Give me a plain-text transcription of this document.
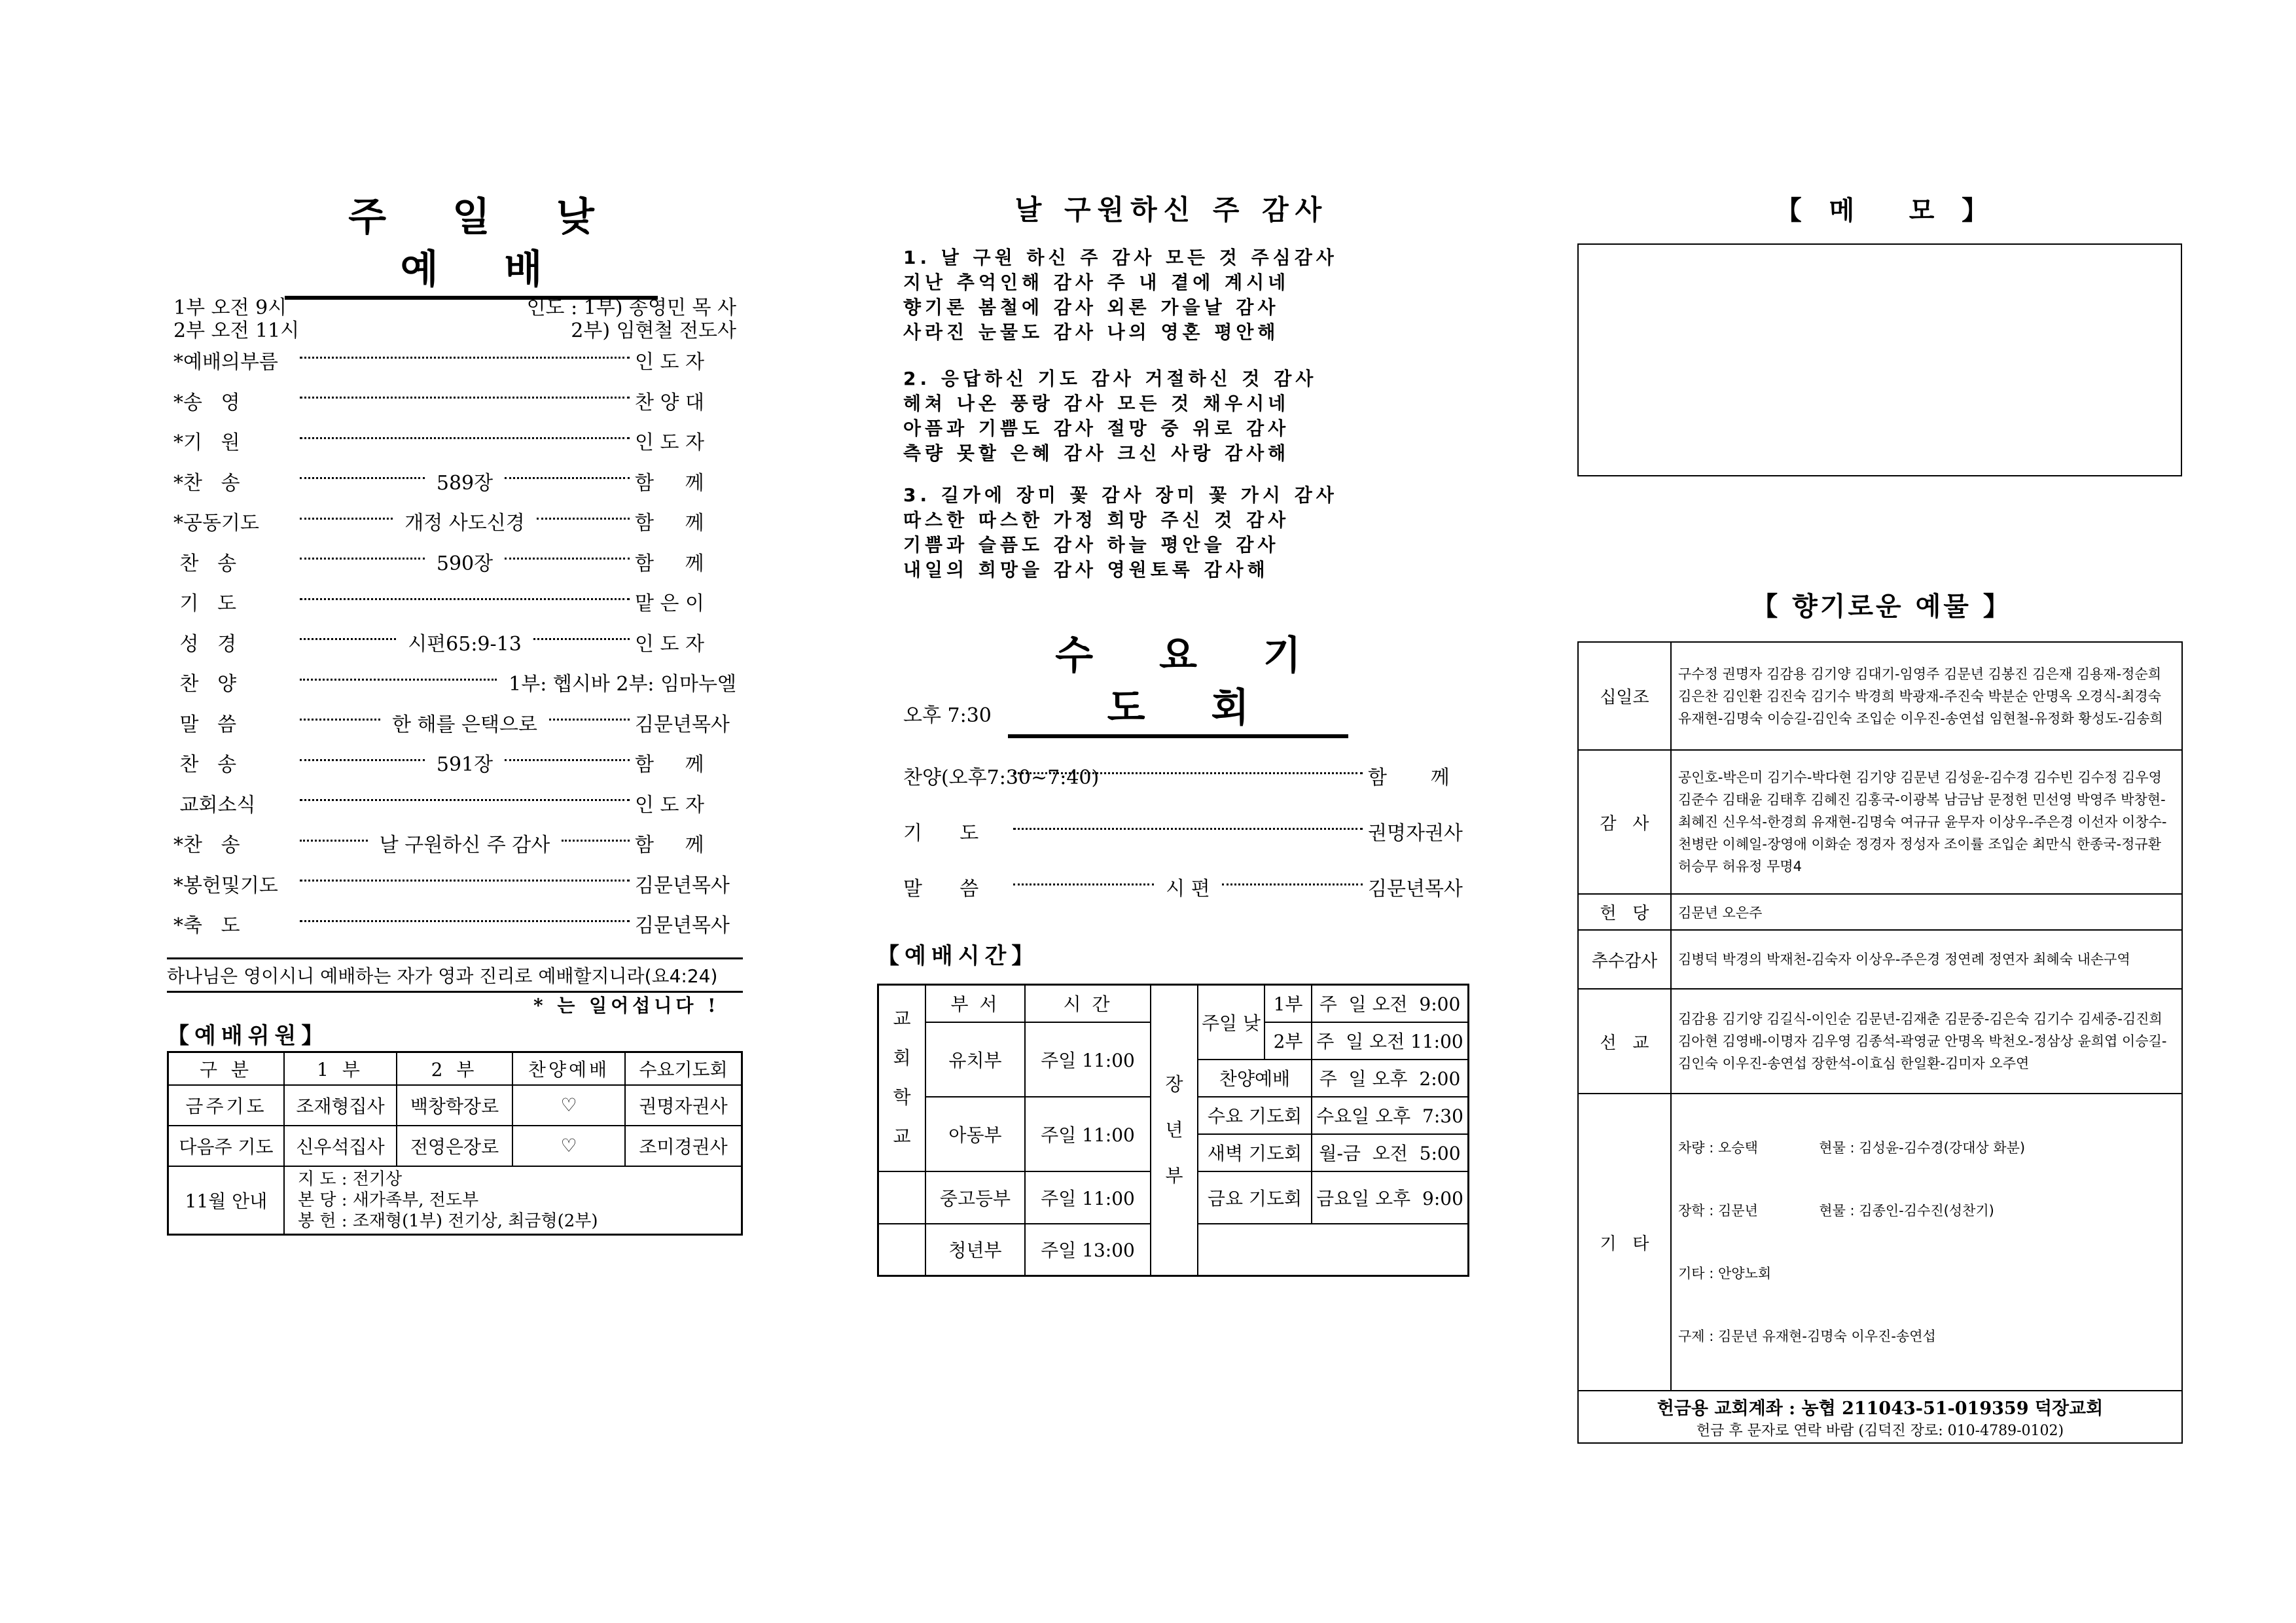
주 일 낮 예 배
1부 오전 9시
2부 오전 11시
인도 : 1부) 송영민 목 사
2부) 임현철 전도사
*예배의부름	인 도 자
*송   영	찬 양 대
*기   원	인 도 자
*찬   송	589장	함     께
*공동기도	개정 사도신경	함     께
찬   송	590장	함     께
기   도	맡 은 이
성   경	시편65:9-13	인 도 자
찬   양	1부: 헵시바 2부: 임마누엘
말   씀	한 해를 은택으로	김문년목사
찬   송	591장	함     께
교회소식	인 도 자
*찬   송	날 구원하신 주 감사	함     께
*봉헌및기도	김문년목사
*축   도	김문년목사
하나님은 영이시니 예배하는 자가 영과 진리로 예배할지니라(요4:24)
* 는 일어섭니다 !
【예배위원】
구 분	1 부	2 부	찬양예배	수요기도회
금주기도	조재형집사	백창학장로	♡	권명자권사
다음주 기도	신우석집사	전영은장로	♡	조미경권사
11월 안내	지 도 : 전기상
본 당 : 새가족부, 전도부
봉 헌 : 조재형(1부) 전기상, 최금형(2부)			
날 구원하신 주 감사
1. 날 구원 하신 주 감사 모든 것 주심감사
지난 추억인해 감사 주 내 곁에 계시네
향기론 봄철에 감사 외론 가을날 감사
사라진 눈물도 감사 나의 영혼 평안해
2. 응답하신 기도 감사 거절하신 것 감사
헤쳐 나온 풍랑 감사 모든 것 채우시네
아픔과 기쁨도 감사 절망 중 위로 감사
측량 못할 은혜 감사 크신 사랑 감사해
3. 길가에 장미 꽃 감사 장미 꽃 가시 감사
따스한 따스한 가정 희망 주신 것 감사
기쁨과 슬픔도 감사 하늘 평안을 감사
내일의 희망을 감사 영원토록 감사해
수 요 기 도 회
오후 7:30
찬양(오후7:30~7:40)	함       께
기      도	권명자권사
말      씀	시 편	김문년목사
【예배시간】
교회학교	부 서	시 간	장년부	주일 낮	1부	주  일 오전  9:00
	유치부	주일 11:00			2부	주  일 오전 11:00
				찬양예배		주  일 오후  2:00
	아동부	주일 11:00		수요 기도회		수요일 오후  7:30
				새벽 기도회		월-금  오전  5:00
	중고등부	주일 11:00		금요 기도회		금요일 오후  9:00
	청년부	주일 13:00				
【   메      모   】
【 향기로운 예물 】
십일조	구수정 권명자 김감용 김기양 김대기-임영주 김문년 김봉진 김은재 김용재-정순희 김은찬 김인환 김진숙 김기수 박경희 박광재-주진숙 박분순 안명옥 오경식-최경숙 유재현-김명숙 이승길-김인숙 조입순 이우진-송연섭 임현철-유정화 황성도-김송희
감   사	공인호-박은미 김기수-박다현 김기양 김문년 김성윤-김수경 김수빈 김수정 김우영 김준수 김태윤 김태후 김혜진 김홍국-이광복 남금남 문정헌 민선영 박영주 박창현-최혜진 신우석-한경희 유재현-김명숙 여규규 윤무자 이상우-주은경 이선자 이창수-천병란 이혜일-장영애 이화순 정경자 정성자 조이률 조입순 최만식 한종국-정규환 허승무 허유정 무명4
헌   당	김문년 오은주
추수감사	김병덕 박경의 박재천-김숙자 이상우-주은경 정연례 정연자 최혜숙 내손구역
선   교	김감용 김기양 김길식-이인순 김문년-김재춘 김문중-김은숙 김기수 김세중-김진희 김아현 김영배-이명자 김우영 김종석-곽영균 안명옥 박천오-정삼상 윤희엽 이승길-김인숙 이우진-송연섭 장한석-이효심 한일환-김미자 오주연
기   타	차량 : 오승택              현물 : 김성윤-김수경(강대상 화분)

장학 : 김문년              현물 : 김종인-김수진(성찬기)

기타 : 안양노회

구제 : 김문년 유재현-김명숙 이우진-송연섭

헌금용 교회계좌 : 농협 211043-51-019359 덕장교회
헌금 후 문자로 연락 바람 (김덕진 장로: 010-4789-0102)	
